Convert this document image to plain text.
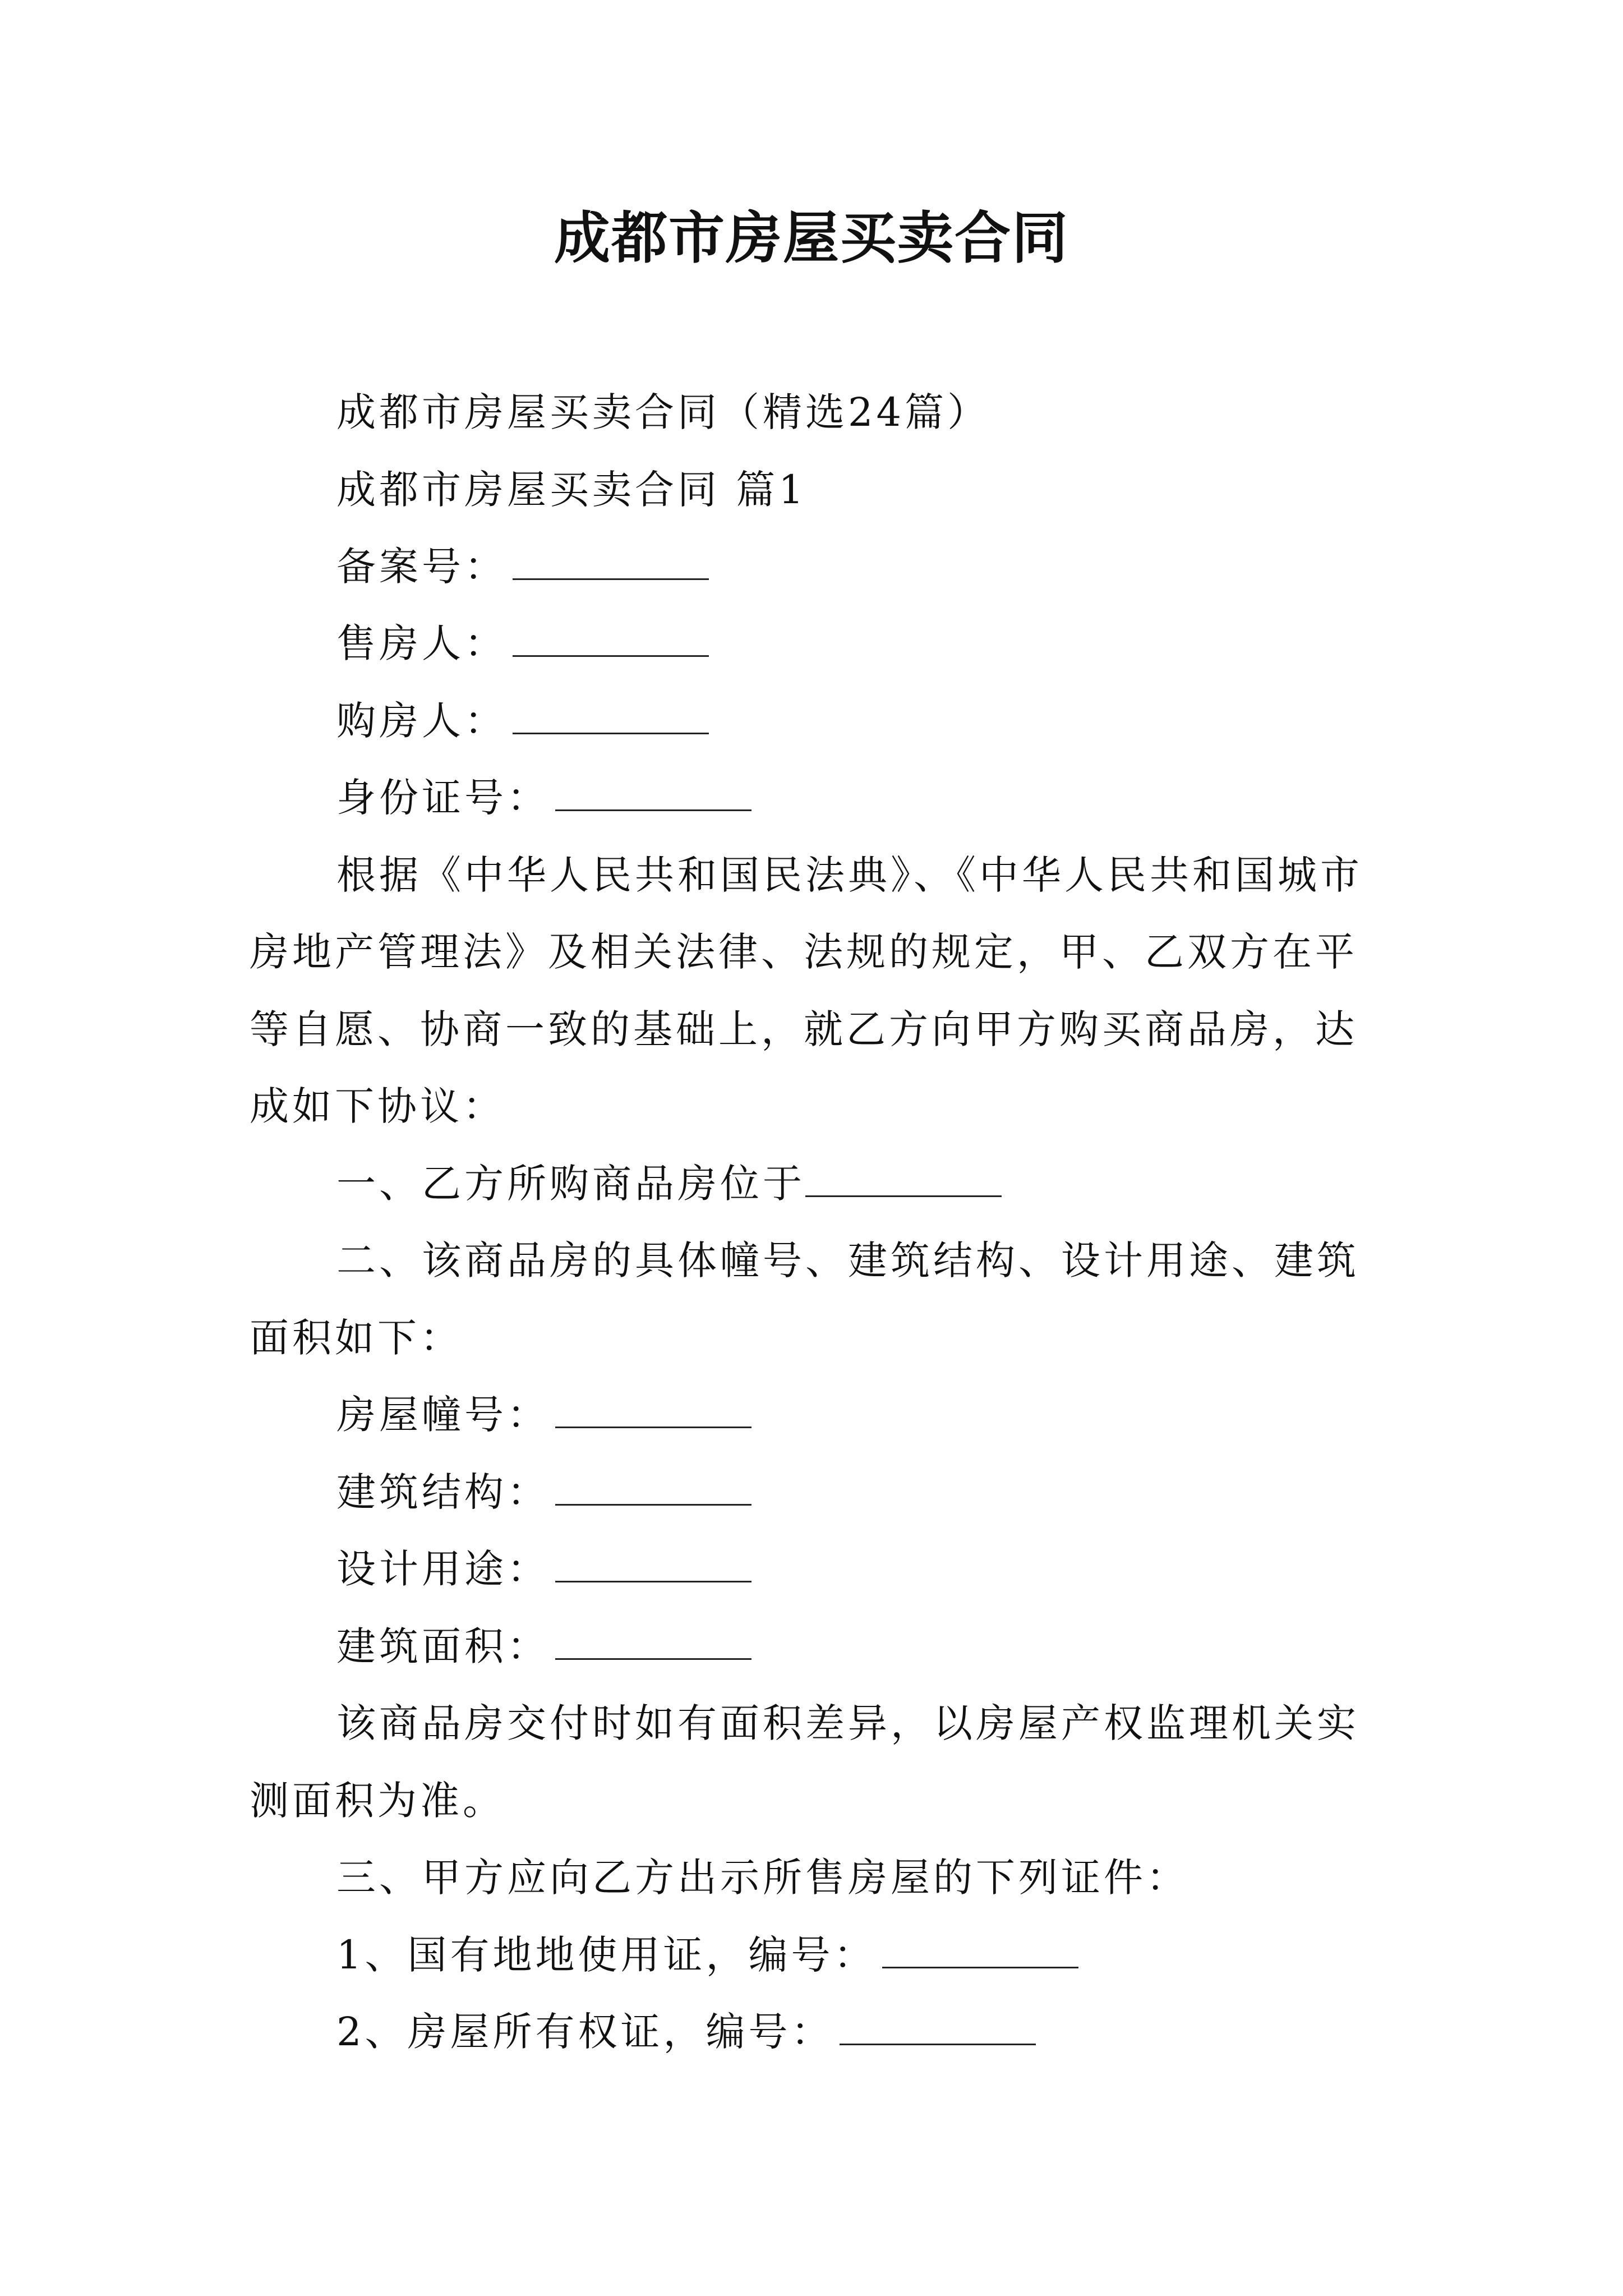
成都市房屋买卖合同
成都市房屋买卖合同（精选24篇）
成都市房屋买卖合同 篇1
备案号：
售房人：
购房人：
身份证号：
根据《中华人民共和国民法典》、《中华人民共和国城市
房地产管理法》及相关法律、法规的规定，甲、乙双方在平
等自愿、协商一致的基础上，就乙方向甲方购买商品房，达
成如下协议：
一、乙方所购商品房位于
二、该商品房的具体幢号、建筑结构、设计用途、建筑
面积如下：
房屋幢号：
建筑结构：
设计用途：
建筑面积：
该商品房交付时如有面积差异，以房屋产权监理机关实
测面积为准。
三、甲方应向乙方出示所售房屋的下列证件：
1、国有地地使用证，编号：
2、房屋所有权证，编号：
